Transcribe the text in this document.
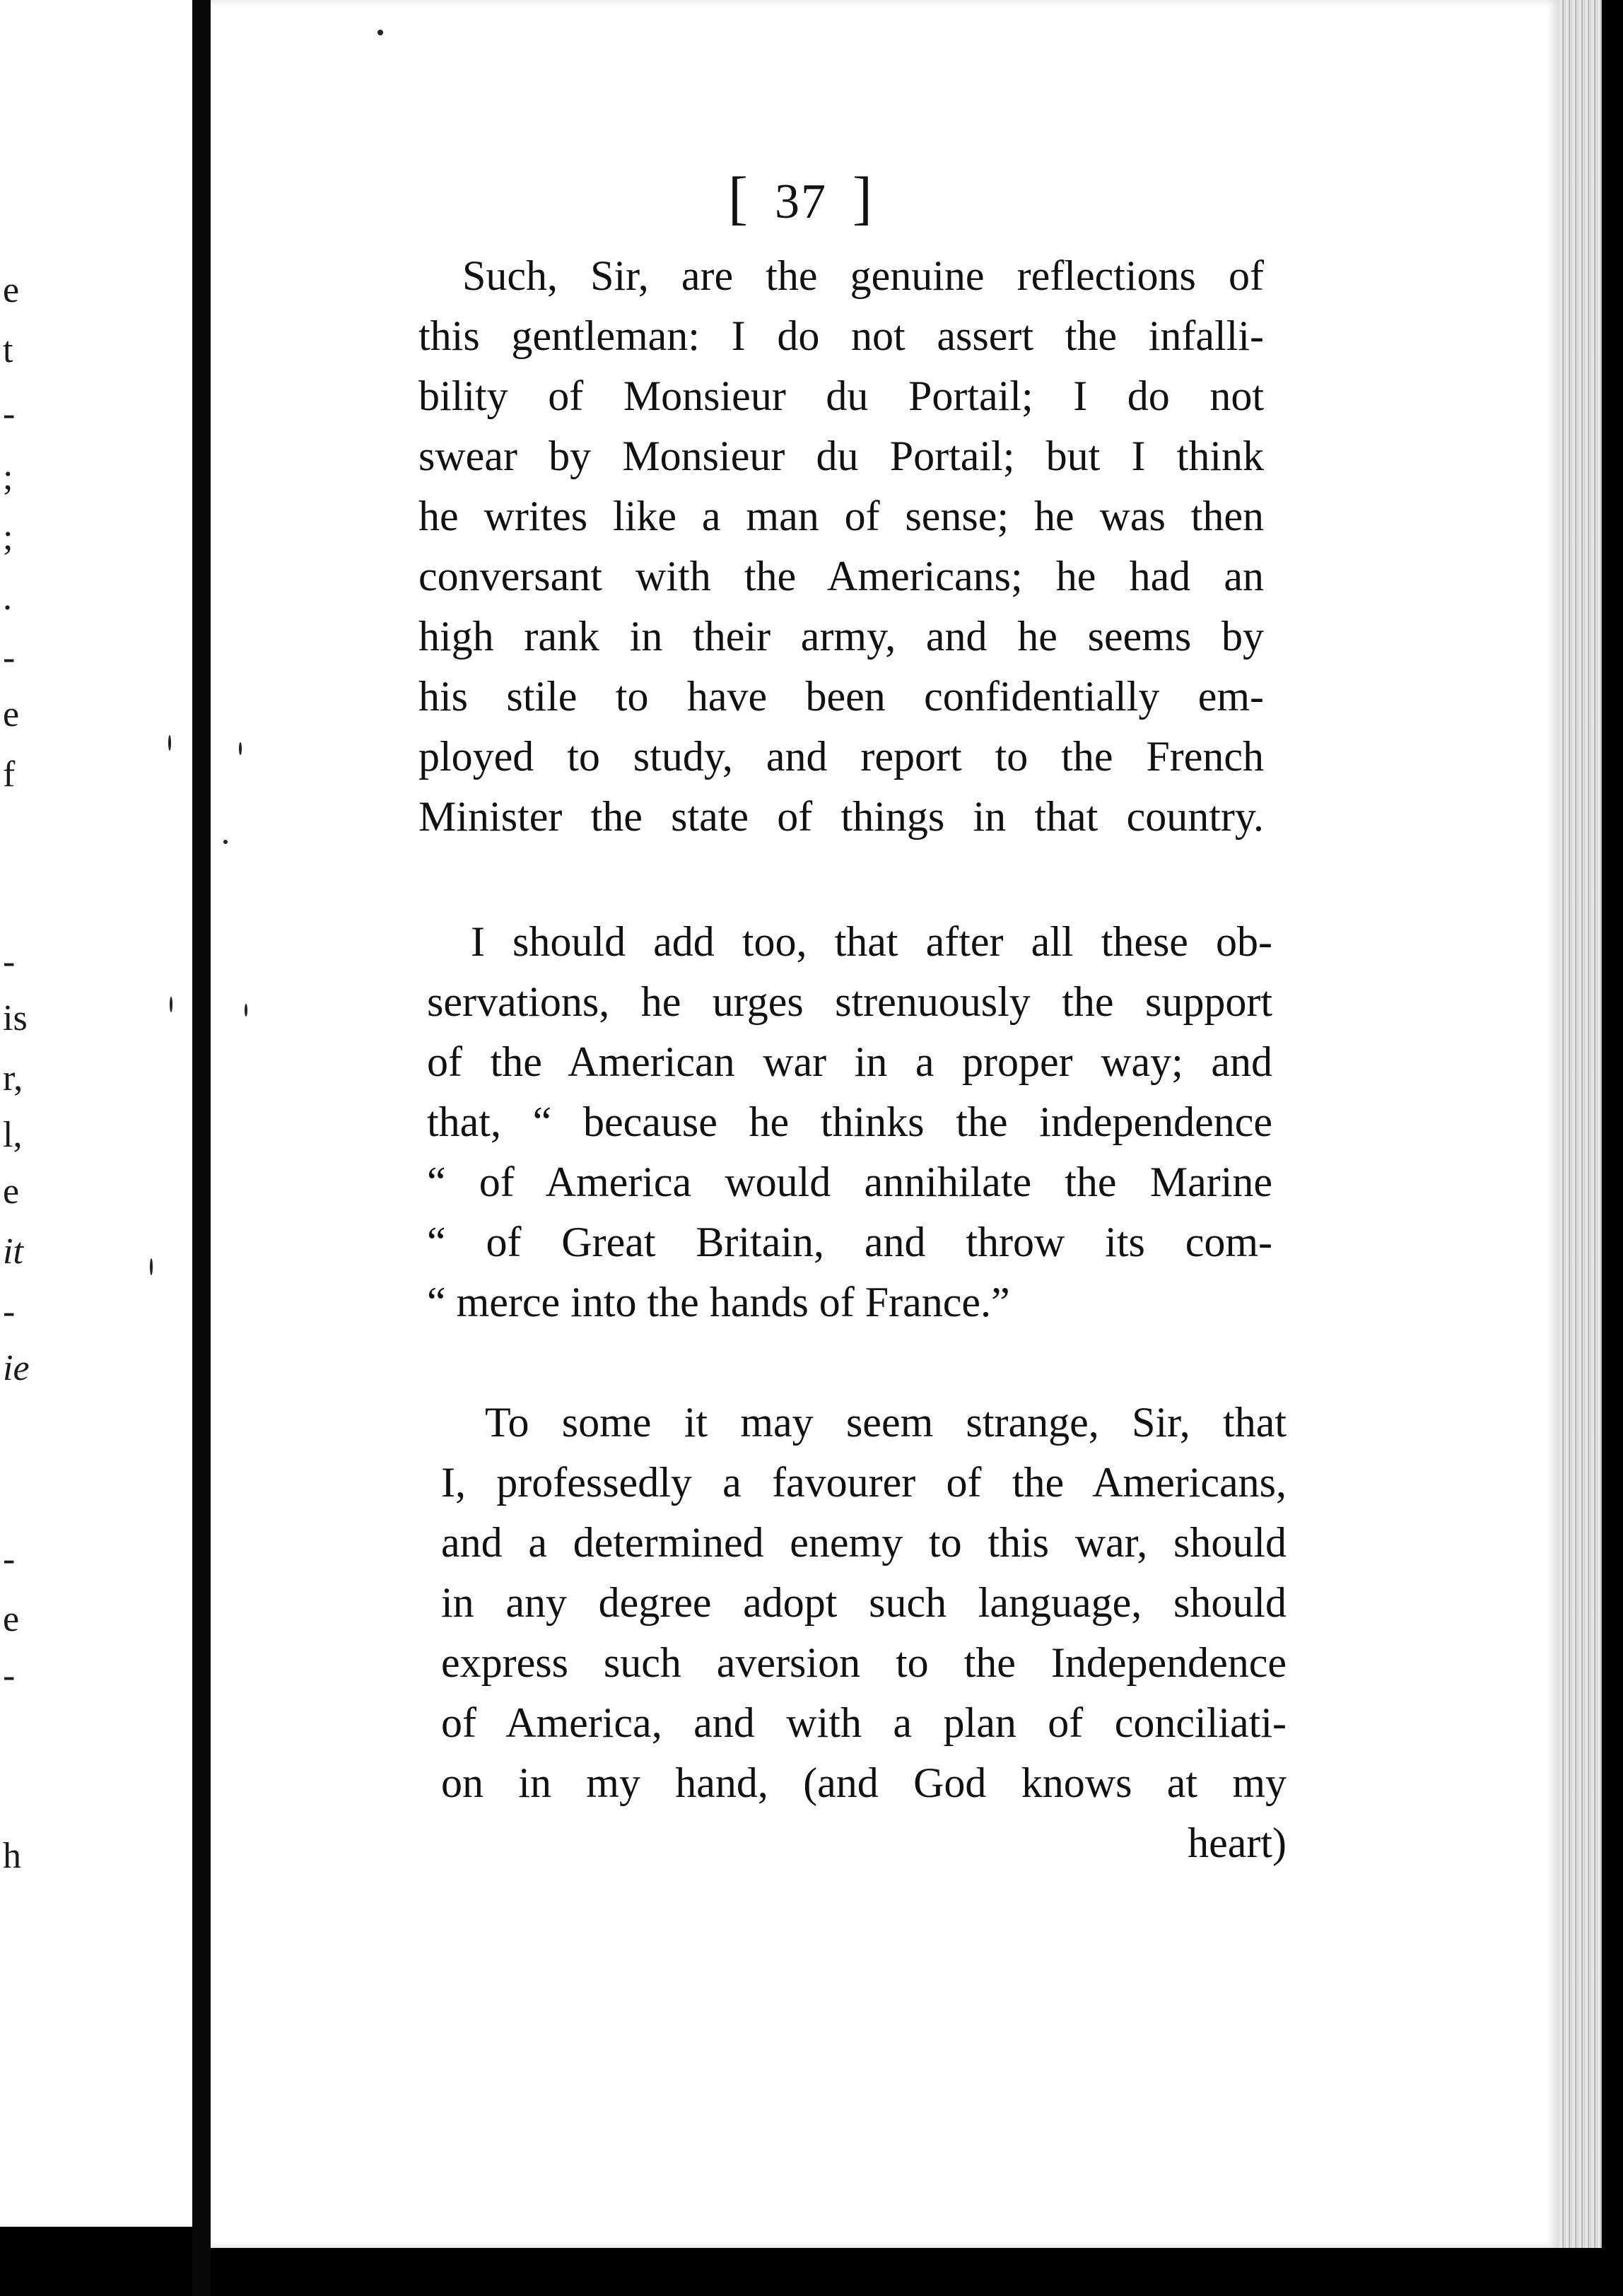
e
t
-
;
;
.
-
e
f
-
is
r,
l,
e
it
-
ie
-
e
-
h
[ 37 ]
Such, Sir, are the genuine reflections of
this gentleman: I do not assert the infalli-
bility of Monsieur du Portail; I do not
swear by Monsieur du Portail; but I think
he writes like a man of sense; he was then
conversant with the Americans; he had an
high rank in their army, and he seems by
his stile to have been confidentially em-
ployed to study, and report to the French
Minister the state of things in that country.
I should add too, that after all these ob-
servations, he urges strenuously the support
of the American war in a proper way; and
that, “ because he thinks the independence
“ of America would annihilate the Marine
“ of Great Britain, and throw its com-
“ merce into the hands of France.”
To some it may seem strange, Sir, that
I, professedly a favourer of the Americans,
and a determined enemy to this war, should
in any degree adopt such language, should
express such aversion to the Independence
of America, and with a plan of conciliati-
on in my hand, (and God knows at my
heart)
